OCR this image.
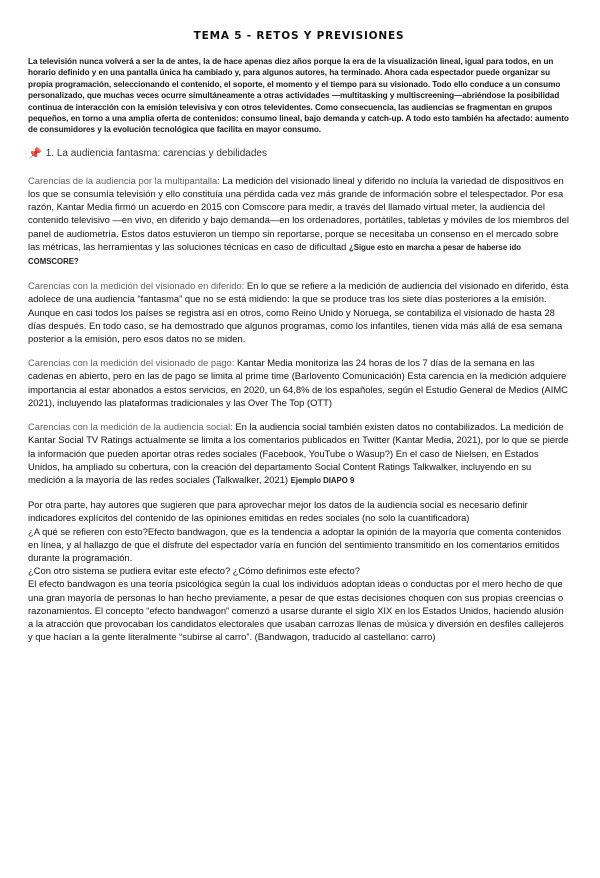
TEMA 5 - RETOS Y PREVISIONES

La televisión nunca volverá a ser la de antes, la de hace apenas diez años porque la era de la visualización lineal, igual para todos, en un horario definido y en una pantalla única ha cambiado y, para algunos autores, ha terminado. Ahora cada espectador puede organizar su propia programación, seleccionando el contenido, el soporte, el momento y el tiempo para su visionado. Todo ello conduce a un consumo personalizado, que muchas veces ocurre simultáneamente a otras actividades —multitasking y multiscreening—abriéndose la posibilidad continua de interacción con la emisión televisiva y con otros televidentes. Como consecuencia, las audiencias se fragmentan en grupos pequeños, en torno a una amplia oferta de contenidos: consumo lineal, bajo demanda y catch-up. A todo esto también ha afectado: aumento de consumidores y la evolución tecnológica que facilita en mayor consumo.

📌 1. La audiencia fantasma: carencias y debilidades

Carencias de la audiencia por la multipantalla: La medición del visionado lineal y diferido no incluía la variedad de dispositivos en los que se consumía televisión y ello constituía una pérdida cada vez más grande de información sobre el telespectador. Por esa razón, Kantar Media firmó un acuerdo en 2015 con Comscore para medir, a través del llamado virtual meter, la audiencia del contenido televisivo —en vivo, en diferido y bajo demanda—en los ordenadores, portátiles, tabletas y móviles de los miembros del panel de audiometría. Estos datos estuvieron un tiempo sin reportarse, porque se necesitaba un consenso en el mercado sobre las métricas, las herramientas y las soluciones técnicas en caso de dificultad ¿Sigue esto en marcha a pesar de haberse ido COMSCORE?

Carencias con la medición del visionado en diferido: En lo que se refiere a la medición de audiencia del visionado en diferido, ésta adolece de una audiencia “fantasma” que no se está midiendo: la que se produce tras los siete días posteriores a la emisión. Aunque en casi todos los países se registra así en otros, como Reino Unido y Noruega, se contabiliza el visionado de hasta 28 días después. En todo caso, se ha demostrado que algunos programas, como los infantiles, tienen vida más allá de esa semana posterior a la emisión, pero esos datos no se miden.

Carencias con la medición del visionado de pago: Kantar Media monitoriza las 24 horas de los 7 días de la semana en las cadenas en abierto, pero en las de pago se limita al prime time (Barlovento Comunicación) Esta carencia en la medición adquiere importancia al estar abonados a estos servicios, en 2020, un 64,8% de los españoles, según el Estudio General de Medios (AIMC 2021), incluyendo las plataformas tradicionales y las Over The Top (OTT)

Carencias con la medición de la audiencia social: En la audiencia social también existen datos no contabilizados. La medición de Kantar Social TV Ratings actualmente se limita a los comentarios publicados en Twitter (Kantar Media, 2021), por lo que se pierde la información que pueden aportar otras redes sociales (Facebook, YouTube o Wasup?) En el caso de Nielsen, en Estados Unidos, ha ampliado su cobertura, con la creación del departamento Social Content Ratings Talkwalker, incluyendo en su medición a la mayoría de las redes sociales (Talkwalker, 2021) Ejemplo DIAPO 9

Por otra parte, hay autores que sugieren que para aprovechar mejor los datos de la audiencia social es necesario definir indicadores explícitos del contenido de las opiniones emitidas en redes sociales (no solo la cuantificadora)
¿A qué se refieren con esto?Efecto bandwagon, que es la tendencia a adoptar la opinión de la mayoría que comenta contenidos en línea, y al hallazgo de que el disfrute del espectador varía en función del sentimiento transmitido en los comentarios emitidos durante la programación.
¿Con otro sistema se pudiera evitar este efecto? ¿Cómo definimos este efecto?
El efecto bandwagon es una teoría psicológica según la cual los individuos adoptan ideas o conductas por el mero hecho de que una gran mayoría de personas lo han hecho previamente, a pesar de que estas decisiones choquen con sus propias creencias o razonamientos. El concepto “efecto bandwagon” comenzó a usarse durante el siglo XIX en los Estados Unidos, haciendo alusión a la atracción que provocaban los candidatos electorales que usaban carrozas llenas de música y diversión en desfiles callejeros y que hacían a la gente literalmente “subirse al carro”. (Bandwagon, traducido al castellano: carro)
